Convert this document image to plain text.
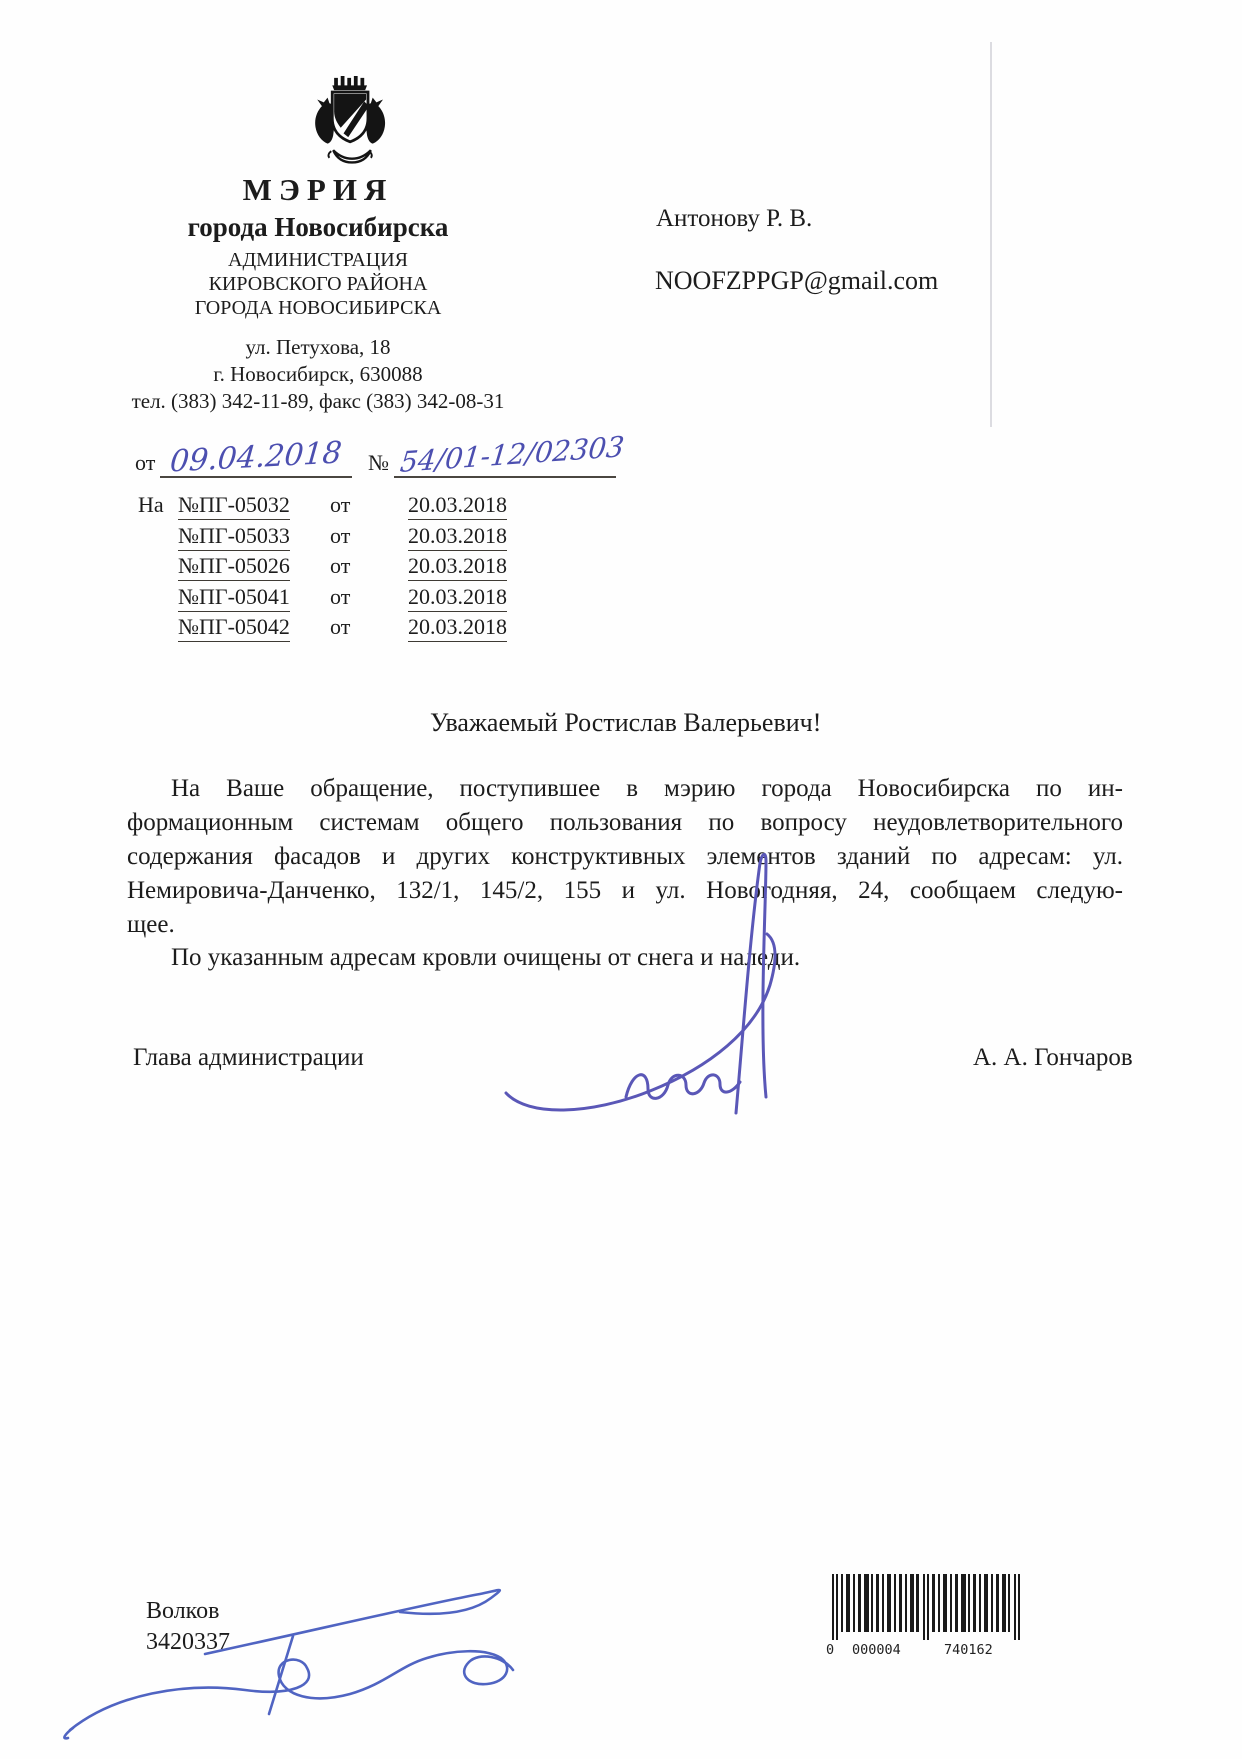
МЭРИЯ
города Новосибирска
АДМИНИСТРАЦИЯ
КИРОВСКОГО РАЙОНА
ГОРОДА НОВОСИБИРСКА
ул. Петухова, 18
г. Новосибирск, 630088
тел. (383) 342-11-89, факс (383) 342-08-31
от 09.04.2018 № 54/01-12/02303
На №ПГ-05032 от	20.03.2018
№ПГ-05033 от	20.03.2018
№ПГ-05026 от	20.03.2018
№ПГ-05041 от	20.03.2018
№ПГ-05042 от	20.03.2018
Антонову Р. В.
NOOFZPPGP@gmail.com
Уважаемый Ростислав Валерьевич!
На Ваше обращение, поступившее в мэрию города Новосибирска по ин-
формационным системам общего пользования по вопросу неудовлетворительного
содержания фасадов и других конструктивных элементов зданий по адресам: ул.
Немировича-Данченко, 132/1, 145/2, 155 и ул. Новогодняя, 24, сообщаем следую-
щее.
По указанным адресам кровли очищены от снега и наледи.
Глава администрации	А. А. Гончаров
Волков
3420337	0 000004	740162
